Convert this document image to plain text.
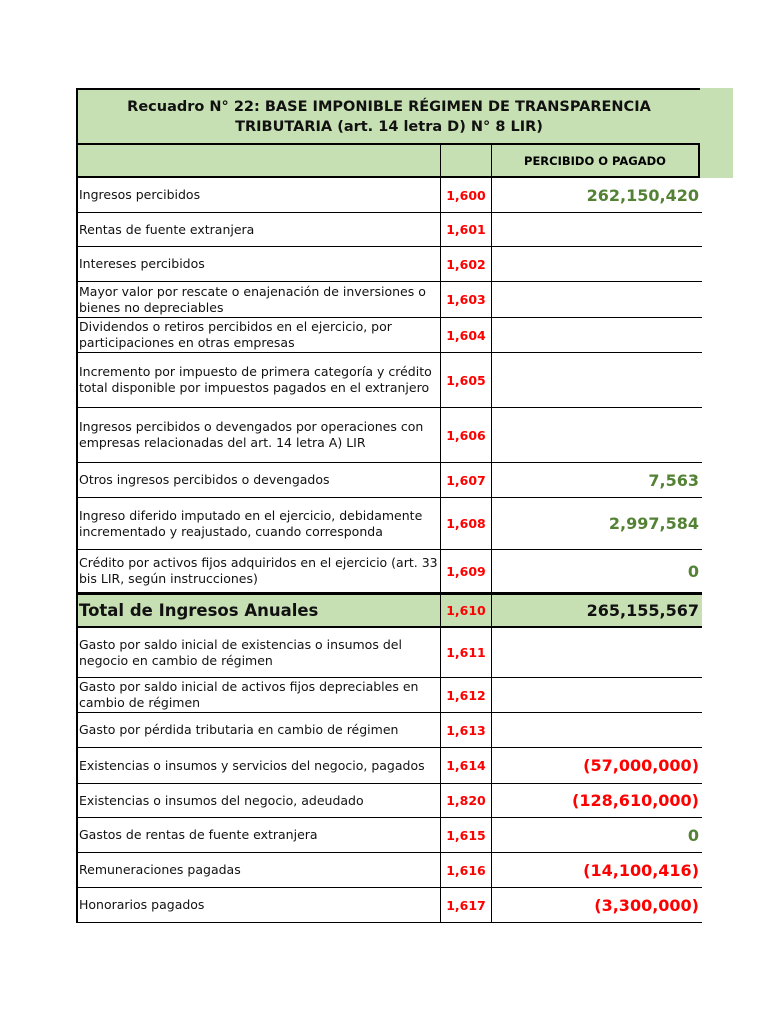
Recuadro N° 22: BASE IMPONIBLE RÉGIMEN DE TRANSPARENCIA TRIBUTARIA (art. 14 letra D) N° 8 LIR)
PERCIBIDO O PAGADO
Ingresos percibidos	1,600	262,150,420
Rentas de fuente extranjera	1,601
Intereses percibidos	1,602
Mayor valor por rescate o enajenación de inversiones o bienes no depreciables	1,603
Dividendos o retiros percibidos en el ejercicio, por participaciones en otras empresas	1,604
Incremento por impuesto de primera categoría y crédito total disponible por impuestos pagados en el extranjero	1,605
Ingresos percibidos o devengados por operaciones con empresas relacionadas del art. 14 letra A) LIR	1,606
Otros ingresos percibidos o devengados	1,607	7,563
Ingreso diferido imputado en el ejercicio, debidamente incrementado y reajustado, cuando corresponda	1,608	2,997,584
Crédito por activos fijos adquiridos en el ejercicio (art. 33 bis LIR, según instrucciones)	1,609	0
Total de Ingresos Anuales	1,610	265,155,567
Gasto por saldo inicial de existencias o insumos del negocio en cambio de régimen	1,611
Gasto por saldo inicial de activos fijos depreciables en cambio de régimen	1,612
Gasto por pérdida tributaria en cambio de régimen	1,613
Existencias o insumos y servicios del negocio, pagados	1,614	(57,000,000)
Existencias o insumos del negocio, adeudado	1,820	(128,610,000)
Gastos de rentas de fuente extranjera	1,615	0
Remuneraciones pagadas	1,616	(14,100,416)
Honorarios pagados	1,617	(3,300,000)
